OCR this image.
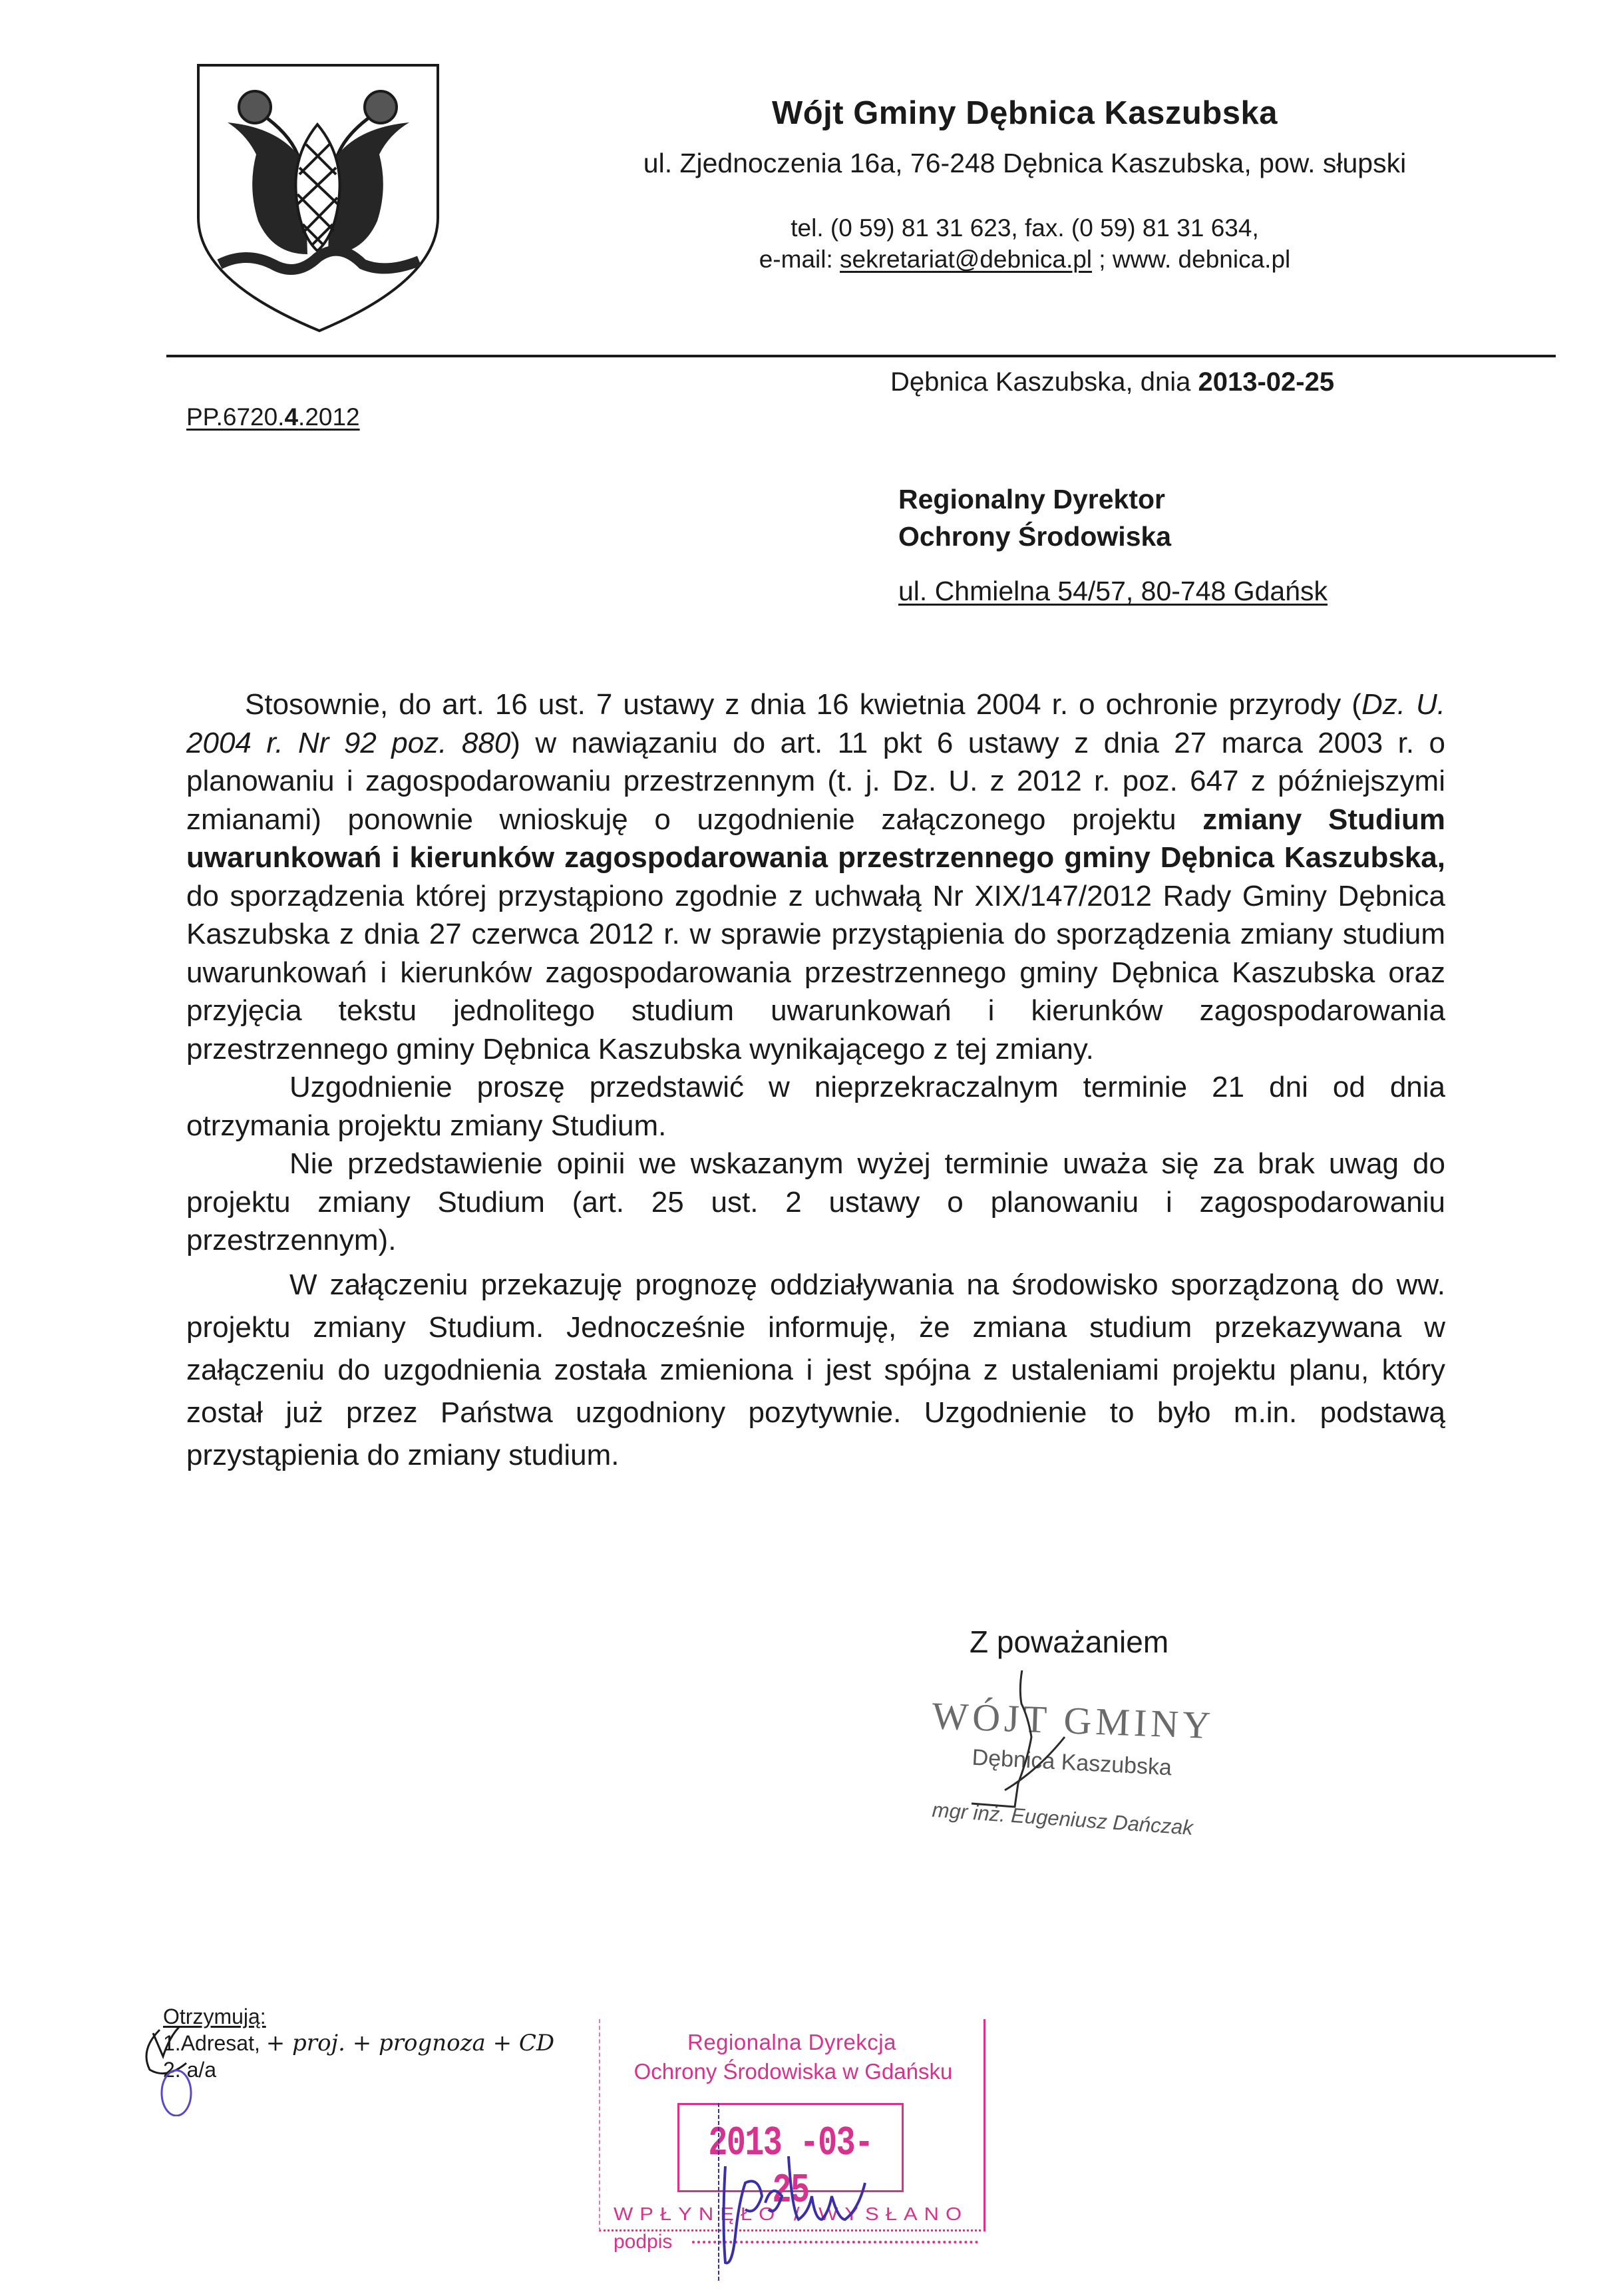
Wójt Gminy Dębnica Kaszubska
ul. Zjednoczenia 16a, 76-248 Dębnica Kaszubska, pow. słupski
tel. (0 59) 81 31 623, fax. (0 59) 81 31 634,
e-mail: sekretariat@debnica.pl ; www. debnica.pl
PP.6720.4.2012
Dębnica Kaszubska, dnia 2013-02-25
Regionalny Dyrektor
Ochrony Środowiska
ul. Chmielna 54/57, 80-748 Gdańsk

Stosownie, do art. 16 ust. 7 ustawy z dnia 16 kwietnia 2004 r. o ochronie przyrody (Dz. U. 2004 r. Nr 92 poz. 880) w nawiązaniu do art. 11 pkt 6 ustawy z dnia 27 marca 2003 r. o planowaniu i zagospodarowaniu przestrzennym (t. j. Dz. U. z 2012 r. poz. 647 z późniejszymi zmianami) ponownie wnioskuję o uzgodnienie załączonego projektu zmiany Studium uwarunkowań i kierunków zagospodarowania przestrzennego gminy Dębnica Kaszubska, do sporządzenia której przystąpiono zgodnie z uchwałą Nr XIX/147/2012 Rady Gminy Dębnica Kaszubska z dnia 27 czerwca 2012 r. w sprawie przystąpienia do sporządzenia zmiany studium uwarunkowań i kierunków zagospodarowania przestrzennego gminy Dębnica Kaszubska oraz przyjęcia tekstu jednolitego studium uwarunkowań i kierunków zagospodarowania przestrzennego gminy Dębnica Kaszubska wynikającego z tej zmiany.

Uzgodnienie proszę przedstawić w nieprzekraczalnym terminie 21 dni od dnia otrzymania projektu zmiany Studium.

Nie przedstawienie opinii we wskazanym wyżej terminie uważa się za brak uwag do projektu zmiany Studium (art. 25 ust. 2 ustawy o planowaniu i zagospodarowaniu przestrzennym).

W załączeniu przekazuję prognozę oddziaływania na środowisko sporządzoną do ww. projektu zmiany Studium. Jednocześnie informuję, że zmiana studium przekazywana w załączeniu do uzgodnienia została zmieniona i jest spójna z ustaleniami projektu planu, który został już przez Państwa uzgodniony pozytywnie. Uzgodnienie to było m.in. podstawą przystąpienia do zmiany studium.

Z poważaniem
WÓJT GMINY
Dębnica Kaszubska
mgr inż. Eugeniusz Dańczak
Otrzymują:
1.Adresat, + proj. + prognoza + CD
2. a/a
Regionalna Dyrekcja
Ochrony Środowiska w Gdańsku
2013 -03- 25
WPŁYNĘŁO / WYSŁANO
podpis
